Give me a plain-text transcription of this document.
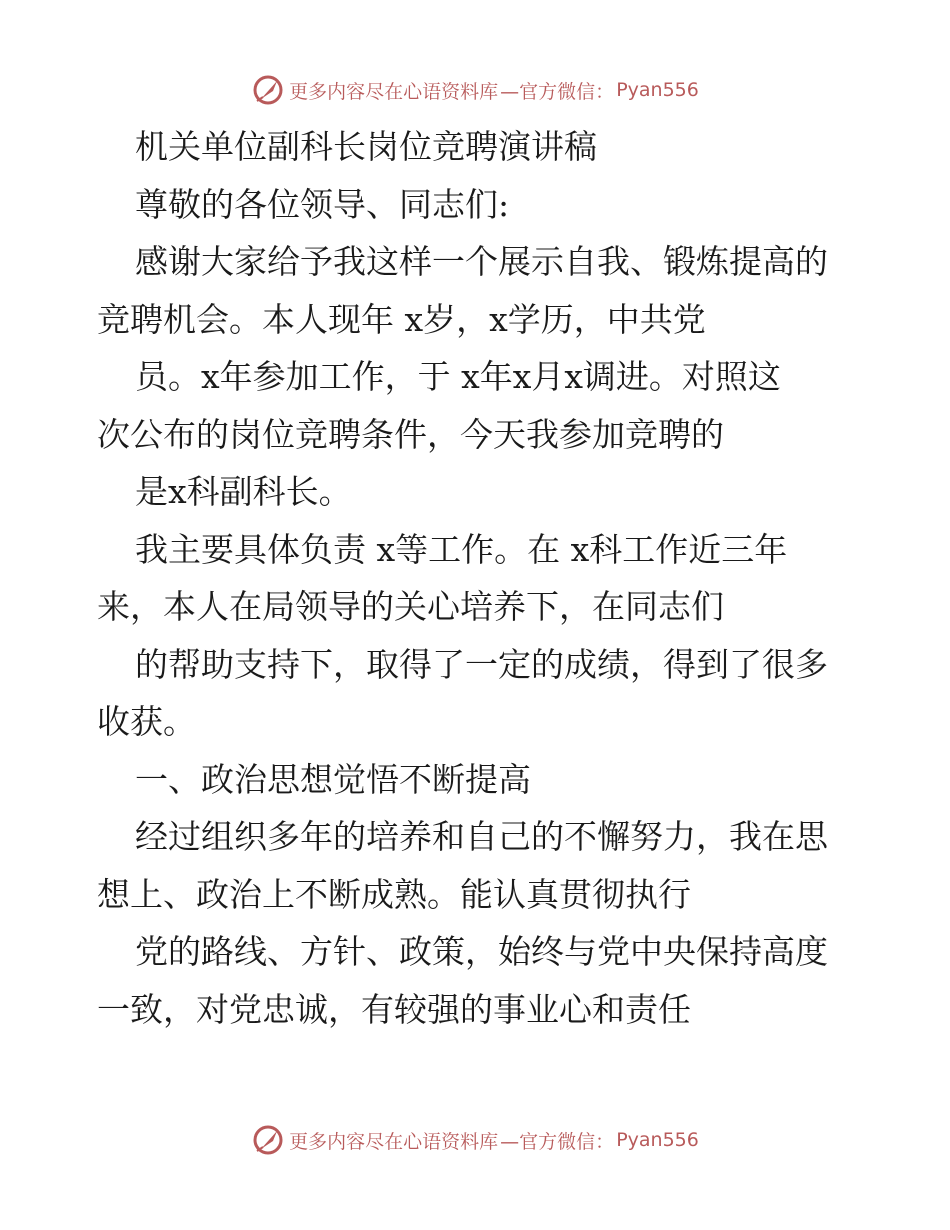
更多内容尽在心语资料库 —官方微信： Pyan556
机关单位副科长岗位竞聘演讲稿
尊敬的各位领导、同志们:
感谢大家给予我这样一个展示自我、锻炼提高的
竞聘机会。本人现年 x岁，x学历，中共党
员。x年参加工作，于 x年x月x调进。对照这
次公布的岗位竞聘条件，今天我参加竞聘的
是x科副科长。
我主要具体负责 x等工作。在 x科工作近三年
来，本人在局领导的关心培养下，在同志们
的帮助支持下，取得了一定的成绩，得到了很多
收获。
一、政治思想觉悟不断提高
经过组织多年的培养和自己的不懈努力，我在思
想上、政治上不断成熟。能认真贯彻执行
党的路线、方针、政策，始终与党中央保持高度
一致，对党忠诚，有较强的事业心和责任
更多内容尽在心语资料库 —官方微信： Pyan556
